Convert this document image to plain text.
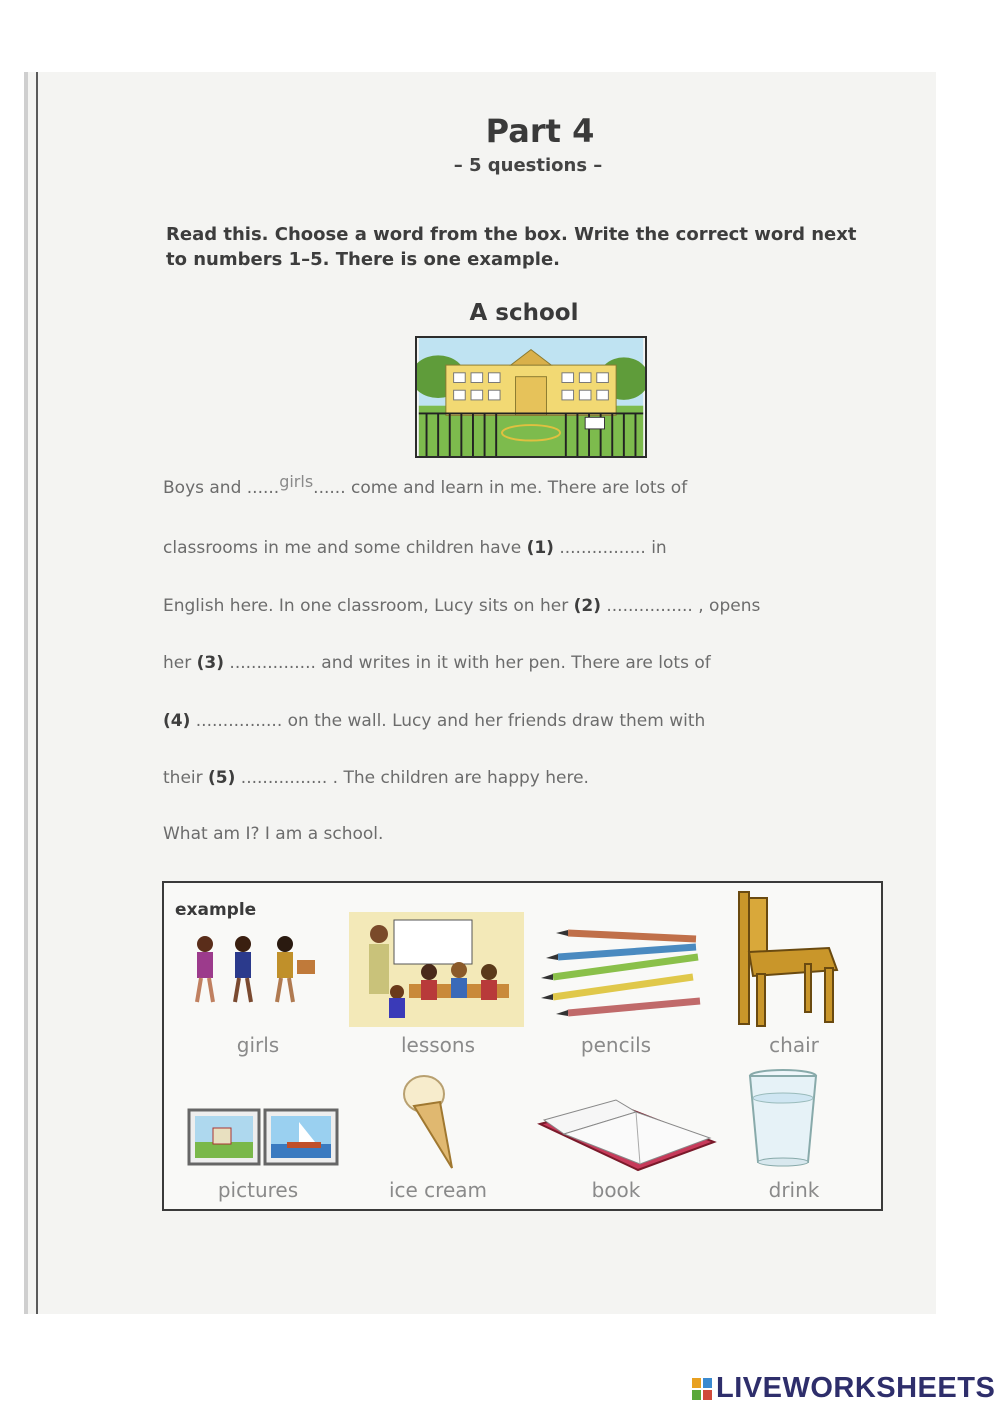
Part 4
– 5 questions –
Read this. Choose a word from the box. Write the correct word next to numbers 1–5. There is one example.
A school
Boys and ......girls...... come and learn in me. There are lots of
classrooms in me and some children have (1) ................ in
English here. In one classroom, Lucy sits on her (2) ................ , opens
her (3) ................ and writes in it with her pen. There are lots of
(4) ................ on the wall. Lucy and her friends draw them with
their (5) ................ . The children are happy here.
What am I? I am a school.
example
girls	lessons	pencils	chair
pictures	ice cream	book	drink
LIVEWORKSHEETS
